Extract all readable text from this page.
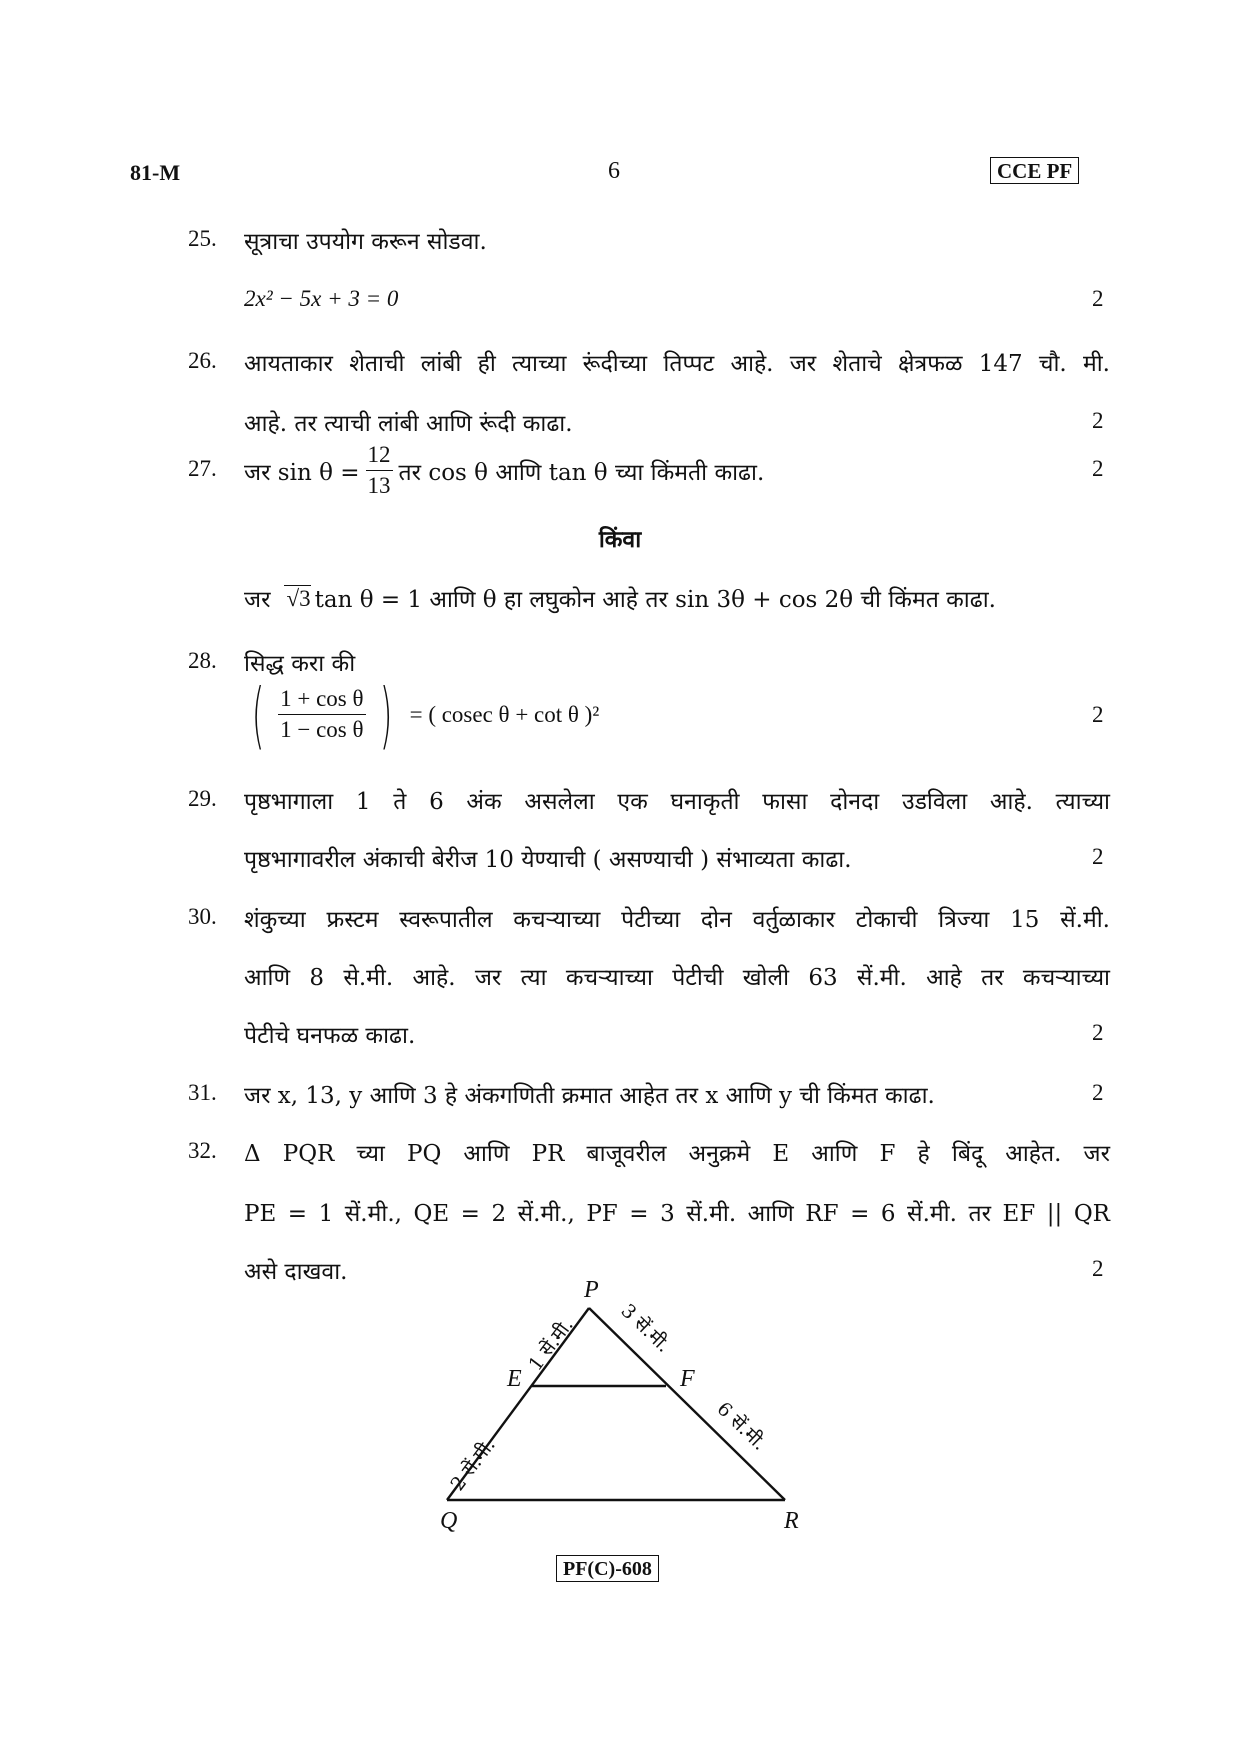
81-M	6	CCE PF
25. सूत्राचा उपयोग करून सोडवा.
2x² − 5x + 3 = 0	2
26. आयताकार शेताची लांबी ही त्याच्या रूंदीच्या तिप्पट आहे. जर शेताचे क्षेत्रफळ 147 चौ. मी.
आहे. तर त्याची लांबी आणि रूंदी काढा.	2
27. जर $\sin \theta = \frac{12}{13}$ तर cos θ आणि tan θ च्या किंमती काढा.	2
किंवा
जर √3 tan θ = 1 आणि θ हा लघुकोन आहे तर sin 3θ + cos 2θ ची किंमत काढा.
28. सिद्ध करा की
( $\frac{\text{1 + cos θ}}{\text{1 − cos θ}}$ ) = ( cosec θ + cot θ )²	2
29. पृष्ठभागाला 1 ते 6 अंक असलेला एक घनाकृती फासा दोनदा उडविला आहे. त्याच्या
पृष्ठभागावरील अंकाची बेरीज 10 येण्याची ( असण्याची ) संभाव्यता काढा.	2
30. शंकुच्या फ्रस्टम स्वरूपातील कचऱ्याच्या पेटीच्या दोन वर्तुळाकार टोकाची त्रिज्या 15 सें.मी.
आणि 8 से.मी. आहे. जर त्या कचऱ्याच्या पेटीची खोली 63 सें.मी. आहे तर कचऱ्याच्या
पेटीचे घनफळ काढा.	2
31. जर x, 13, y आणि 3 हे अंकगणिती क्रमात आहेत तर x आणि y ची किंमत काढा.	2
32. Δ PQR च्या PQ आणि PR बाजूवरील अनुक्रमे E आणि F हे बिंदू आहेत. जर
PE = 1 सें.मी., QE = 2 सें.मी., PF = 3 सें.मी. आणि RF = 6 सें.मी. तर EF || QR
असे दाखवा.	2
P
Q	R
E	F
1 सें.मी.
2 सें.मी.
3 सें.मी.
6 सें.मी.
PF(C)-608
